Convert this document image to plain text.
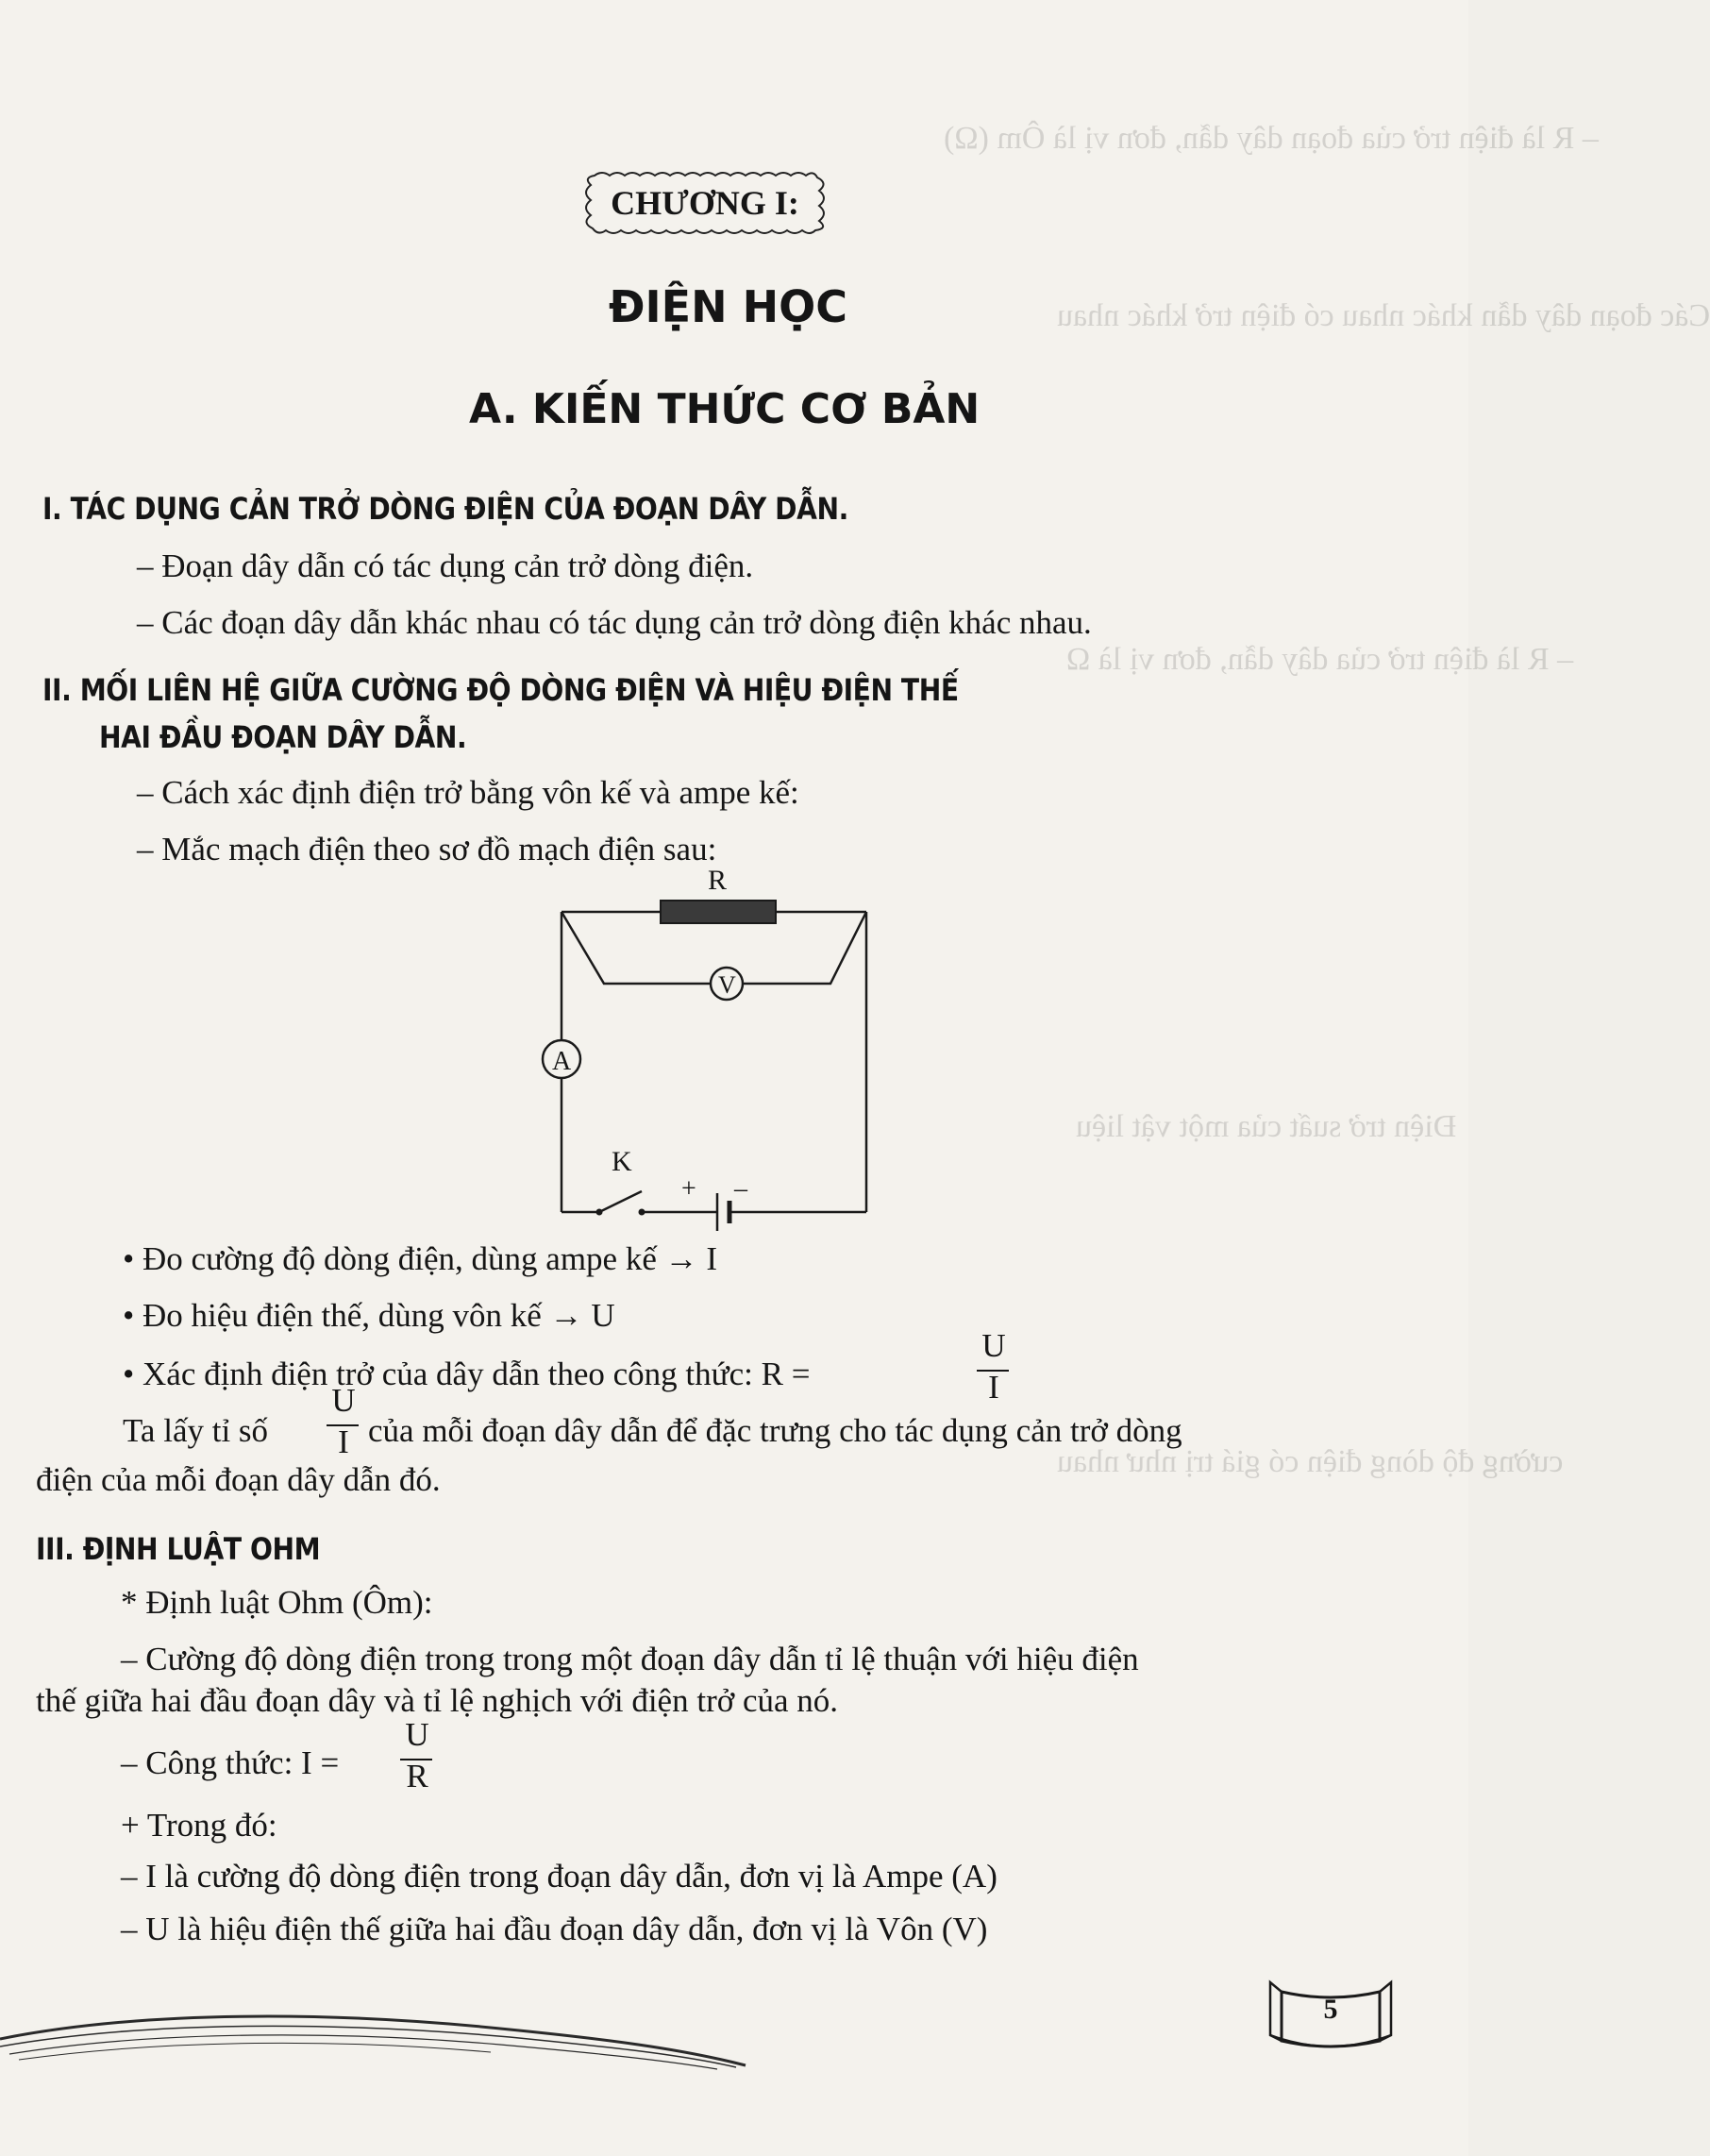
– R là điện trở của đoạn dây dẫn, đơn vị là Ôm (Ω)
Các đoạn dây dẫn khác nhau có điện trở khác nhau
– R là điện trở của dây dẫn, đơn vị là Ω
Điện trở suất của một vật liệu
cường độ dòng điện có giá trị như nhau
CHƯƠNG I:
ĐIỆN HỌC
A. KIẾN THỨC CƠ BẢN
I. TÁC DỤNG CẢN TRỞ DÒNG ĐIỆN CỦA ĐOẠN DÂY DẪN.
– Đoạn dây dẫn có tác dụng cản trở dòng điện.
– Các đoạn dây dẫn khác nhau có tác dụng cản trở dòng điện khác nhau.
II. MỐI LIÊN HỆ GIỮA CƯỜNG ĐỘ DÒNG ĐIỆN VÀ HIỆU ĐIỆN THẾ
HAI ĐẦU ĐOẠN DÂY DẪN.
– Cách xác định điện trở bằng vôn kế và ampe kế:
– Mắc mạch điện theo sơ đồ mạch điện sau:
R
V
A
K
+ –
• Đo cường độ dòng điện, dùng ampe kế → I
• Đo hiệu điện thế, dùng vôn kế → U
• Xác định điện trở của dây dẫn theo công thức: R =
U
I
Ta lấy tỉ số
U
I của mỗi đoạn dây dẫn để đặc trưng cho tác dụng cản trở dòng
điện của mỗi đoạn dây dẫn đó.
III. ĐỊNH LUẬT OHM
* Định luật Ohm (Ôm):
– Cường độ dòng điện trong trong một đoạn dây dẫn tỉ lệ thuận với hiệu điện
thế giữa hai đầu đoạn dây và tỉ lệ nghịch với điện trở của nó.
– Công thức: I =
U
R
+ Trong đó:
– I là cường độ dòng điện trong đoạn dây dẫn, đơn vị là Ampe (A)
– U là hiệu điện thế giữa hai đầu đoạn dây dẫn, đơn vị là Vôn (V)
5
